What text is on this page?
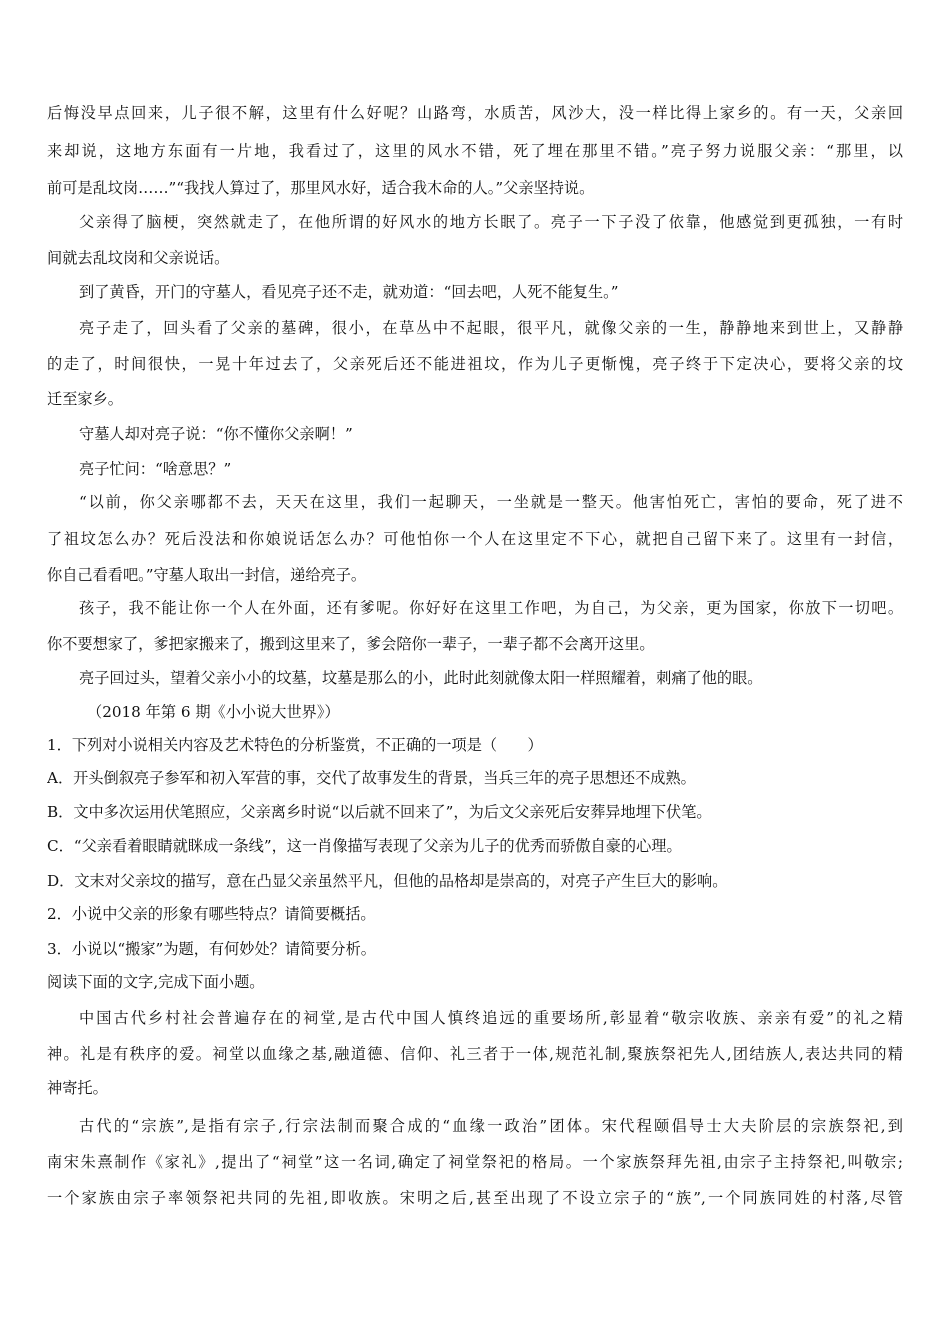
后悔没早点回来，儿子很不解，这里有什么好呢？山路弯，水质苦，风沙大，没一样比得上家乡的。有一天，父亲回
来却说，这地方东面有一片地，我看过了，这里的风水不错，死了埋在那里不错。”亮子努力说服父亲：“那里，以
前可是乱坟岗……”“我找人算过了，那里风水好，适合我木命的人。”父亲坚持说。
父亲得了脑梗，突然就走了，在他所谓的好风水的地方长眠了。亮子一下子没了依靠，他感觉到更孤独，一有时
间就去乱坟岗和父亲说话。
到了黄昏，开门的守墓人，看见亮子还不走，就劝道：“回去吧，人死不能复生。”
亮子走了，回头看了父亲的墓碑，很小，在草丛中不起眼，很平凡，就像父亲的一生，静静地来到世上，又静静
的走了，时间很快，一晃十年过去了，父亲死后还不能进祖坟，作为儿子更惭愧，亮子终于下定决心，要将父亲的坟
迁至家乡。
守墓人却对亮子说：“你不懂你父亲啊！”
亮子忙问：“啥意思？”
“以前，你父亲哪都不去，天天在这里，我们一起聊天，一坐就是一整天。他害怕死亡，害怕的要命，死了进不
了祖坟怎么办？死后没法和你娘说话怎么办？可他怕你一个人在这里定不下心，就把自己留下来了。这里有一封信，
你自己看看吧。”守墓人取出一封信，递给亮子。
孩子，我不能让你一个人在外面，还有爹呢。你好好在这里工作吧，为自己，为父亲，更为国家，你放下一切吧。
你不要想家了，爹把家搬来了，搬到这里来了，爹会陪你一辈子，一辈子都不会离开这里。
亮子回过头，望着父亲小小的坟墓，坟墓是那么的小，此时此刻就像太阳一样照耀着，刺痛了他的眼。
（2018 年第 6 期《小小说大世界》）
1．下列对小说相关内容及艺术特色的分析鉴赏，不正确的一项是（　　）
A．开头倒叙亮子参军和初入军营的事，交代了故事发生的背景，当兵三年的亮子思想还不成熟。
B．文中多次运用伏笔照应，父亲离乡时说“以后就不回来了”，为后文父亲死后安葬异地埋下伏笔。
C．“父亲看着眼睛就眯成一条线”，这一肖像描写表现了父亲为儿子的优秀而骄傲自豪的心理。
D．文末对父亲坟的描写，意在凸显父亲虽然平凡，但他的品格却是崇高的，对亮子产生巨大的影响。
2．小说中父亲的形象有哪些特点？请简要概括。
3．小说以“搬家”为题，有何妙处？请简要分析。
阅读下面的文字,完成下面小题。
中国古代乡村社会普遍存在的祠堂,是古代中国人慎终追远的重要场所,彰显着“敬宗收族、亲亲有爱”的礼之精
神。礼是有秩序的爱。祠堂以血缘之基,融道德、信仰、礼三者于一体,规范礼制,聚族祭祀先人,团结族人,表达共同的精
神寄托。
古代的“宗族”,是指有宗子,行宗法制而聚合成的“血缘一政治”团体。宋代程颐倡导士大夫阶层的宗族祭祀,到
南宋朱熹制作《家礼》,提出了“祠堂”这一名词,确定了祠堂祭祀的格局。一个家族祭拜先祖,由宗子主持祭祀,叫敬宗;
一个家族由宗子率领祭祀共同的先祖,即收族。宋明之后,甚至出现了不设立宗子的“族”,一个同族同姓的村落,尽管
